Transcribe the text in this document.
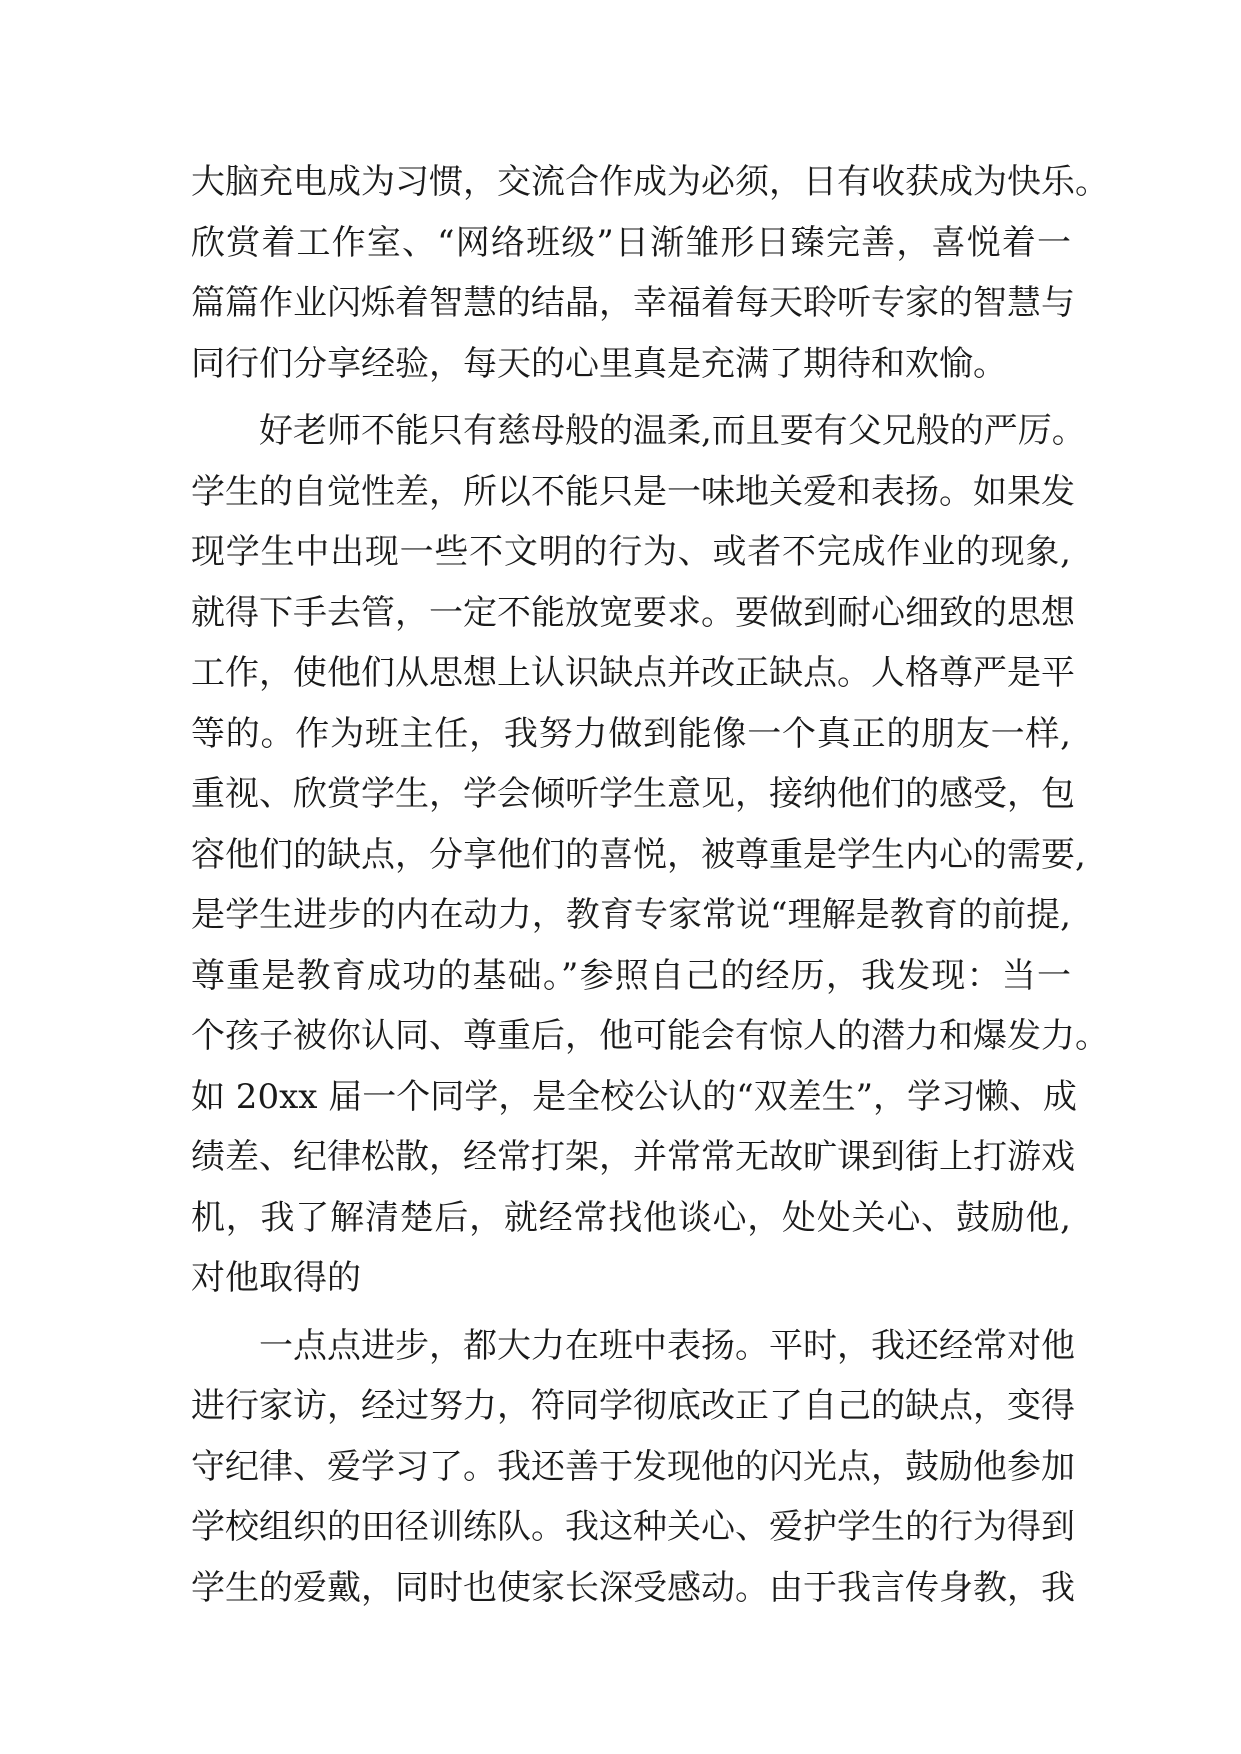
大脑充电成为习惯，交流合作成为必须，日有收获成为快乐。
欣赏着工作室、“网络班级”日渐雏形日臻完善，喜悦着一
篇篇作业闪烁着智慧的结晶，幸福着每天聆听专家的智慧与
同行们分享经验，每天的心里真是充满了期待和欢愉。
好老师不能只有慈母般的温柔,而且要有父兄般的严厉。
学生的自觉性差，所以不能只是一味地关爱和表扬。如果发
现学生中出现一些不文明的行为、或者不完成作业的现象,
就得下手去管，一定不能放宽要求。要做到耐心细致的思想
工作，使他们从思想上认识缺点并改正缺点。人格尊严是平
等的。作为班主任，我努力做到能像一个真正的朋友一样,
重视、欣赏学生，学会倾听学生意见，接纳他们的感受，包
容他们的缺点，分享他们的喜悦，被尊重是学生内心的需要,
是学生进步的内在动力，教育专家常说“理解是教育的前提,
尊重是教育成功的基础。”参照自己的经历，我发现：当一
个孩子被你认同、尊重后，他可能会有惊人的潜力和爆发力。
如 20xx 届一个同学，是全校公认的“双差生”，学习懒、成
绩差、纪律松散，经常打架，并常常无故旷课到街上打游戏
机，我了解清楚后，就经常找他谈心，处处关心、鼓励他,
对他取得的
一点点进步，都大力在班中表扬。平时，我还经常对他
进行家访，经过努力，符同学彻底改正了自己的缺点，变得
守纪律、爱学习了。我还善于发现他的闪光点，鼓励他参加
学校组织的田径训练队。我这种关心、爱护学生的行为得到
学生的爱戴，同时也使家长深受感动。由于我言传身教，我
